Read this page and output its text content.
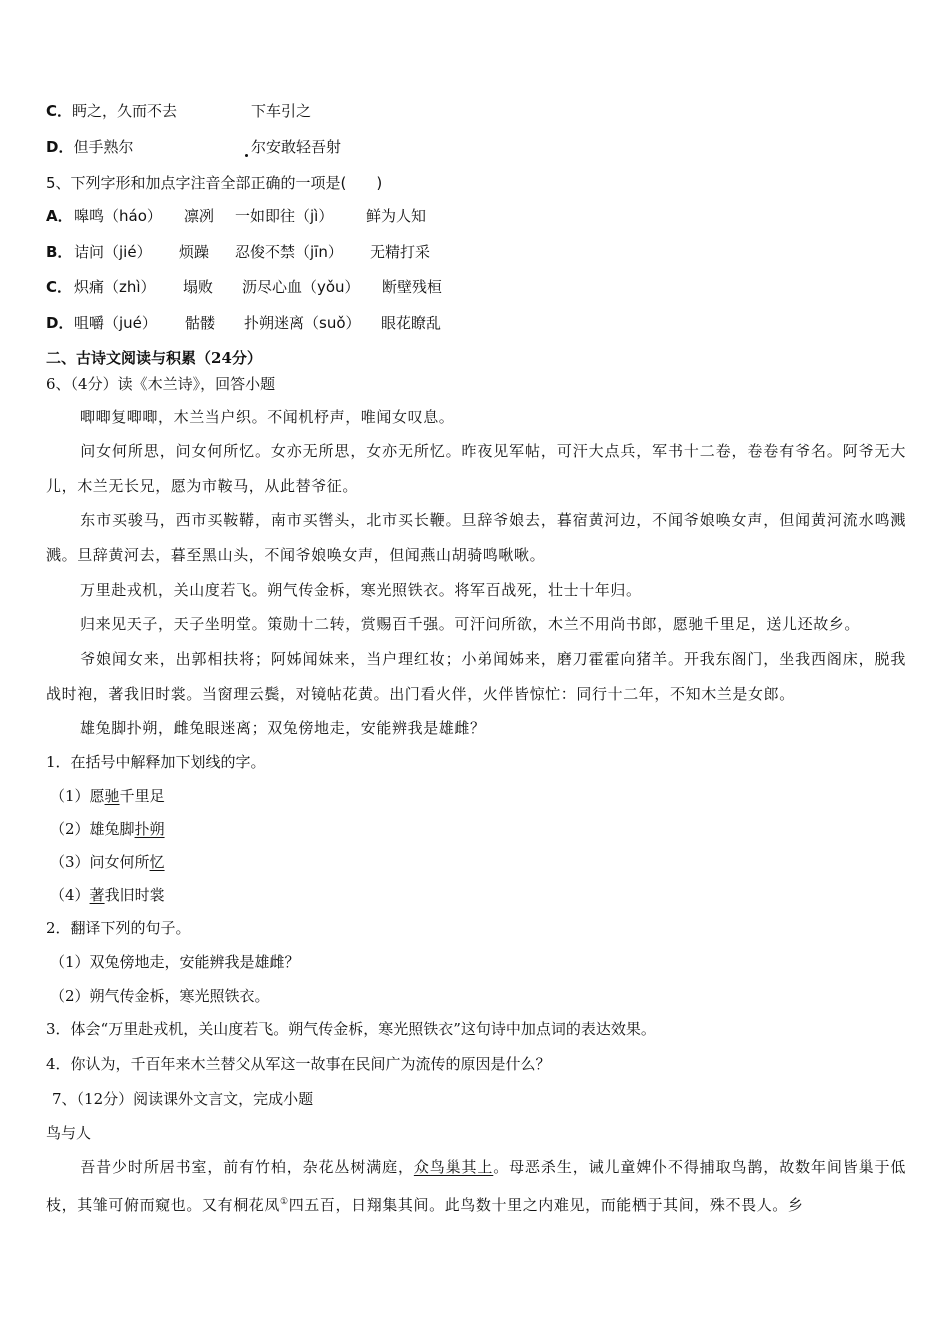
C．眄之，久而不去	下车引之
D．但手熟尔	尔安敢轻吾射
5、下列字形和加点字注音全部正确的一项是(　　)
A． 嗥鸣（háo） 凛冽 一如即往（jì） 鲜为人知
B． 诘问（jié） 烦躁 忍俊不禁（jīn） 无精打采
C． 炽痛（zhì） 塌败 沥尽心血（yǒu） 断壁残桓
D． 咀嚼（jué） 骷髅 扑朔迷离（suǒ） 眼花瞭乱
二、古诗文阅读与积累（24分）
6、（4分）读《木兰诗》，回答小题
唧唧复唧唧，木兰当户织。不闻机杼声，唯闻女叹息。
问女何所思，问女何所忆。女亦无所思，女亦无所忆。昨夜见军帖，可汗大点兵，军书十二卷，卷卷有爷名。阿爷无大儿，木兰无长兄，愿为市鞍马，从此替爷征。
东市买骏马，西市买鞍鞯，南市买辔头，北市买长鞭。旦辞爷娘去，暮宿黄河边，不闻爷娘唤女声，但闻黄河流水鸣溅溅。旦辞黄河去，暮至黑山头，不闻爷娘唤女声，但闻燕山胡骑鸣啾啾。
万里赴戎机，关山度若飞。朔气传金柝，寒光照铁衣。将军百战死，壮士十年归。
归来见天子，天子坐明堂。策勋十二转，赏赐百千强。可汗问所欲，木兰不用尚书郎，愿驰千里足，送儿还故乡。
爷娘闻女来，出郭相扶将；阿姊闻妹来，当户理红妆；小弟闻姊来，磨刀霍霍向猪羊。开我东阁门，坐我西阁床，脱我战时袍，著我旧时裳。当窗理云鬓，对镜帖花黄。出门看火伴，火伴皆惊忙：同行十二年，不知木兰是女郎。
雄兔脚扑朔，雌兔眼迷离；双兔傍地走，安能辨我是雄雌？
1．在括号中解释加下划线的字。
（1）愿驰千里足
（2）雄兔脚扑朔
（3）问女何所忆
（4）著我旧时裳
2．翻译下列的句子。
（1）双兔傍地走，安能辨我是雄雌？
（2）朔气传金柝，寒光照铁衣。
3．体会“万里赴戎机，关山度若飞。朔气传金柝，寒光照铁衣”这句诗中加点词的表达效果。
4．你认为，千百年来木兰替父从军这一故事在民间广为流传的原因是什么？
7、（12分）阅读课外文言文，完成小题
鸟与人
吾昔少时所居书室，前有竹柏，杂花丛树满庭，众鸟巢其上。母恶杀生，诫儿童婢仆不得捕取鸟鹊，故数年间皆巢于低枝，其雏可俯而窥也。又有桐花凤①四五百，日翔集其间。此鸟数十里之内难见，而能栖于其间，殊不畏人。乡
